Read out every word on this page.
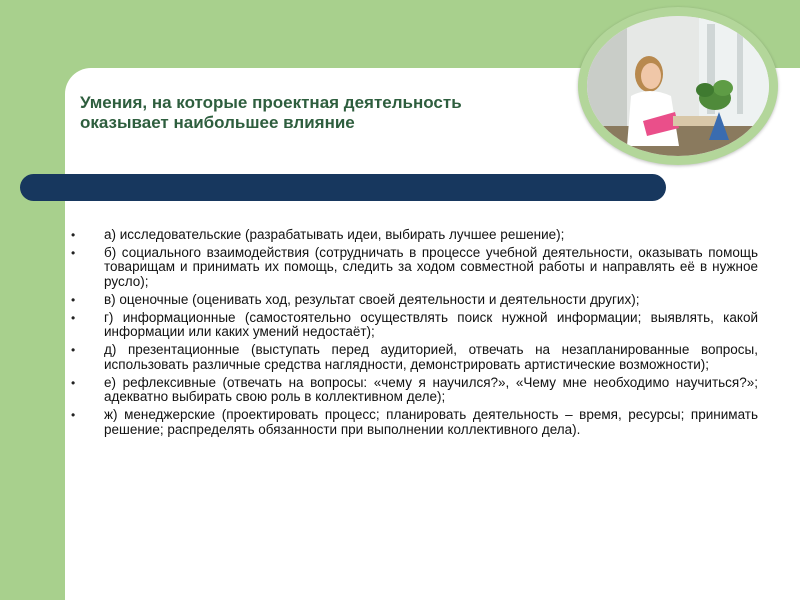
Умения, на которые проектная деятельность
оказывает наибольшее влияние
• а) исследовательские (разрабатывать идеи, выбирать лучшее решение);
• б) социального взаимодействия (сотрудничать в процессе учебной деятельности, оказывать помощь товарищам и принимать их помощь, следить за ходом совместной работы и направлять её в нужное русло);
• в) оценочные (оценивать ход, результат своей деятельности и деятельности других);
• г) информационные (самостоятельно осуществлять поиск нужной информации; выявлять, какой информации или каких умений недостаёт);
• д) презентационные (выступать перед аудиторией, отвечать на незапланированные вопросы, использовать различные средства наглядности, демонстрировать артистические возможности);
• е) рефлексивные (отвечать на вопросы: «чему я научился?», «Чему мне необходимо научиться?»; адекватно выбирать свою роль в коллективном деле);
• ж) менеджерские (проектировать процесс; планировать деятельность – время, ресурсы; принимать решение; распределять обязанности при выполнении коллективного дела).
